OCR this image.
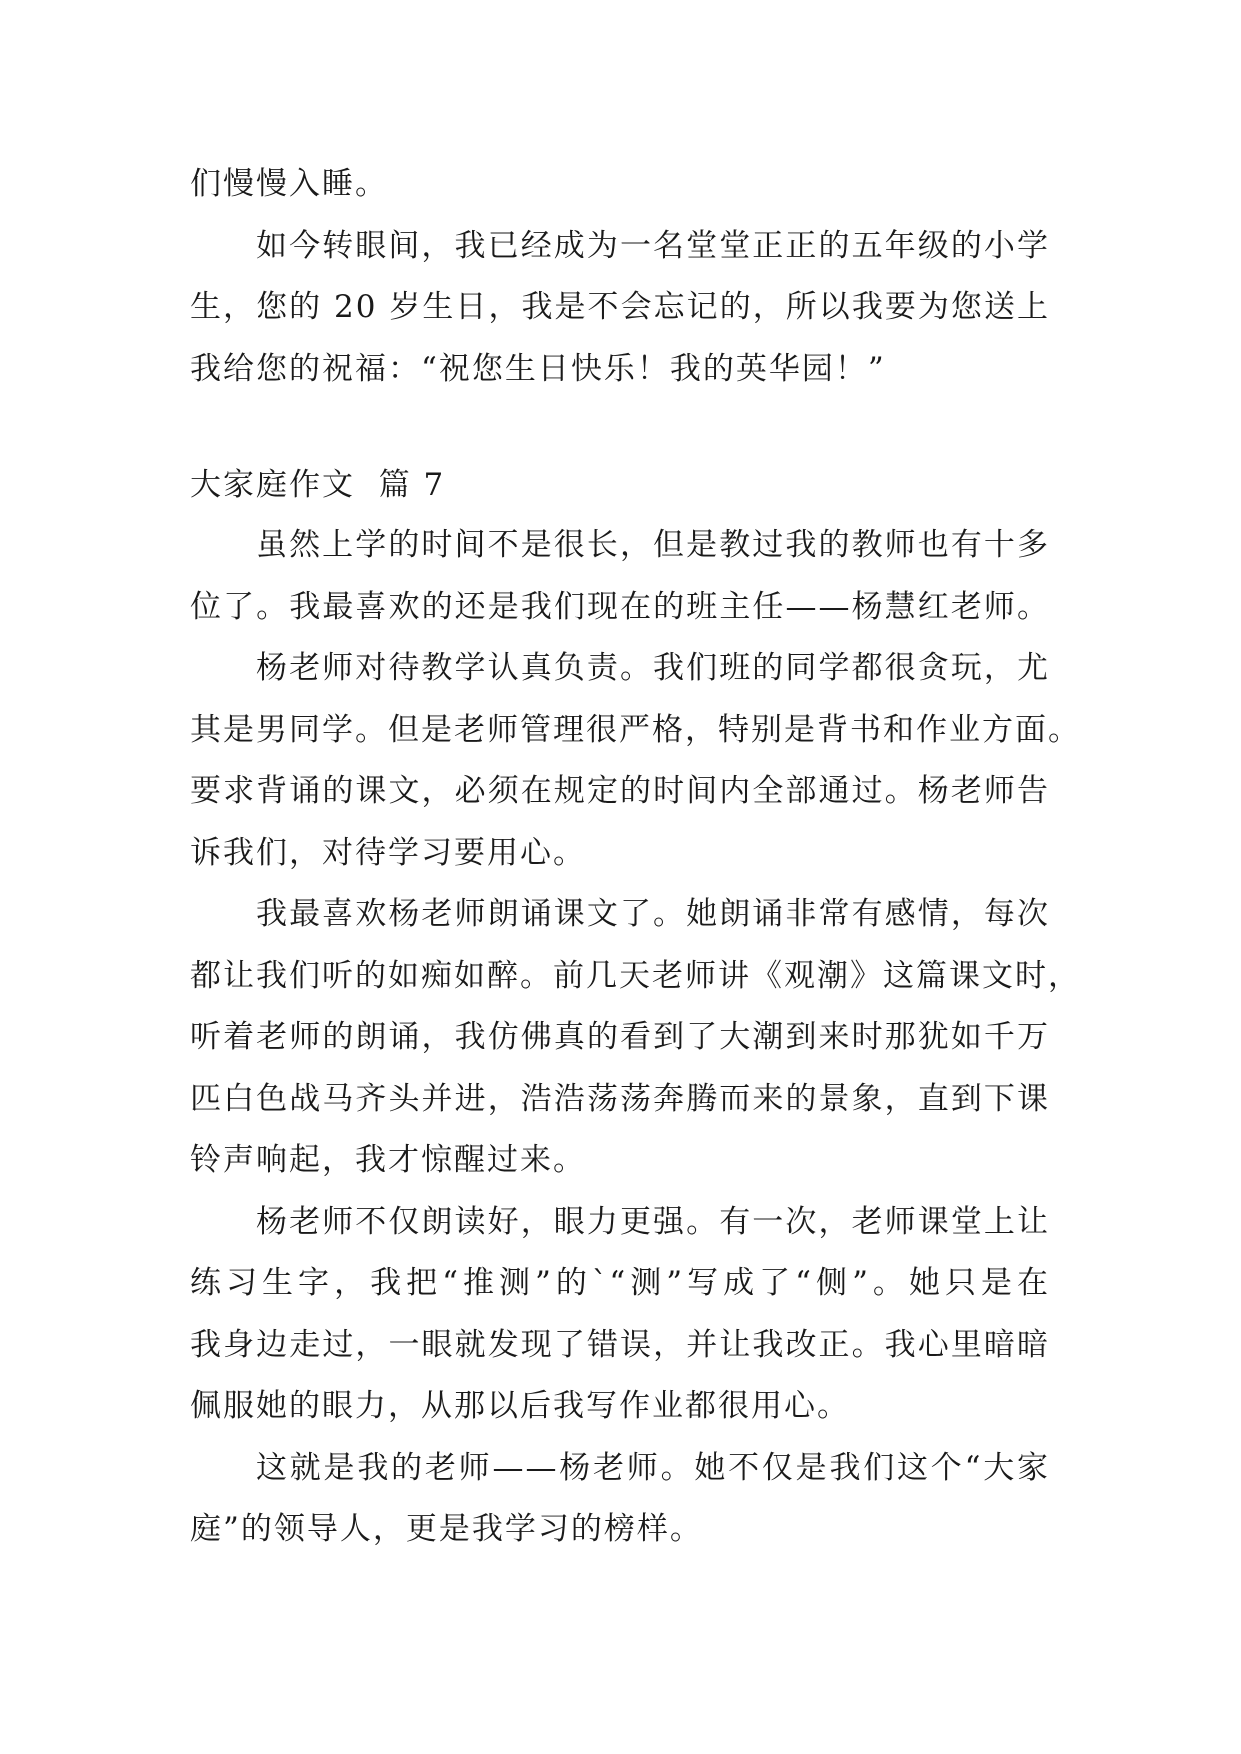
们慢慢入睡。
如今转眼间，我已经成为一名堂堂正正的五年级的小学
生，您的 20 岁生日，我是不会忘记的，所以我要为您送上
我给您的祝福：“祝您生日快乐！我的英华园！”
大家庭作文  篇 7
虽然上学的时间不是很长，但是教过我的教师也有十多
位了。我最喜欢的还是我们现在的班主任——杨慧红老师。
杨老师对待教学认真负责。我们班的同学都很贪玩，尤
其是男同学。但是老师管理很严格，特别是背书和作业方面。
要求背诵的课文，必须在规定的时间内全部通过。杨老师告
诉我们，对待学习要用心。
我最喜欢杨老师朗诵课文了。她朗诵非常有感情，每次
都让我们听的如痴如醉。前几天老师讲《观潮》这篇课文时，
听着老师的朗诵，我仿佛真的看到了大潮到来时那犹如千万
匹白色战马齐头并进，浩浩荡荡奔腾而来的景象，直到下课
铃声响起，我才惊醒过来。
杨老师不仅朗读好，眼力更强。有一次，老师课堂上让
练习生字，我把“推测”的`“测”写成了“侧”。她只是在
我身边走过，一眼就发现了错误，并让我改正。我心里暗暗
佩服她的眼力，从那以后我写作业都很用心。
这就是我的老师——杨老师。她不仅是我们这个“大家
庭”的领导人，更是我学习的榜样。
